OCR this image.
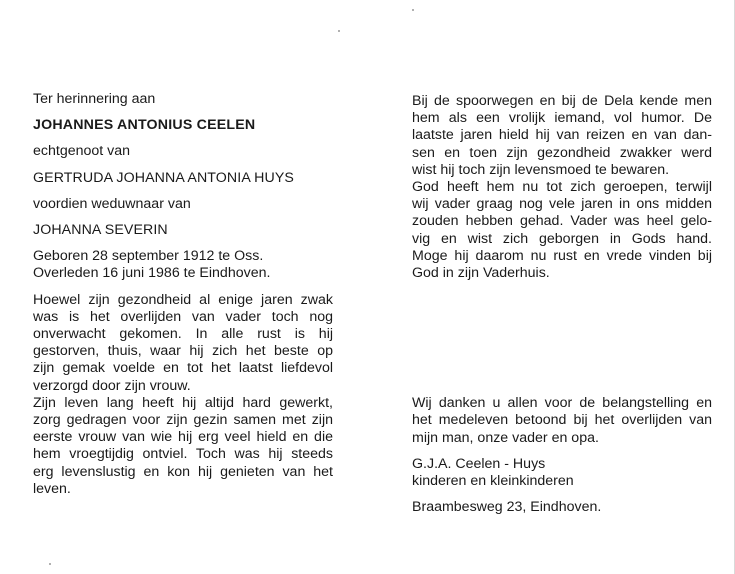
Ter herinnering aan
JOHANNES ANTONIUS CEELEN
echtgenoot van
GERTRUDA JOHANNA ANTONIA HUYS
voordien weduwnaar van
JOHANNA SEVERIN
Geboren 28 september 1912 te Oss.
Overleden 16 juni 1986 te Eindhoven.
Hoewel zijn gezondheid al enige jaren zwak
was is het overlijden van vader toch nog
onverwacht gekomen. In alle rust is hij
gestorven, thuis, waar hij zich het beste op
zijn gemak voelde en tot het laatst liefdevol
verzorgd door zijn vrouw.
Zijn leven lang heeft hij altijd hard gewerkt,
zorg gedragen voor zijn gezin samen met zijn
eerste vrouw van wie hij erg veel hield en die
hem vroegtijdig ontviel. Toch was hij steeds
erg levenslustig en kon hij genieten van het
leven.
Bij de spoorwegen en bij de Dela kende men
hem als een vrolijk iemand, vol humor. De
laatste jaren hield hij van reizen en van dan-
sen en toen zijn gezondheid zwakker werd
wist hij toch zijn levensmoed te bewaren.
God heeft hem nu tot zich geroepen, terwijl
wij vader graag nog vele jaren in ons midden
zouden hebben gehad. Vader was heel gelo-
vig en wist zich geborgen in Gods hand.
Moge hij daarom nu rust en vrede vinden bij
God in zijn Vaderhuis.
Wij danken u allen voor de belangstelling en
het medeleven betoond bij het overlijden van
mijn man, onze vader en opa.
G.J.A. Ceelen - Huys
kinderen en kleinkinderen
Braambesweg 23, Eindhoven.
